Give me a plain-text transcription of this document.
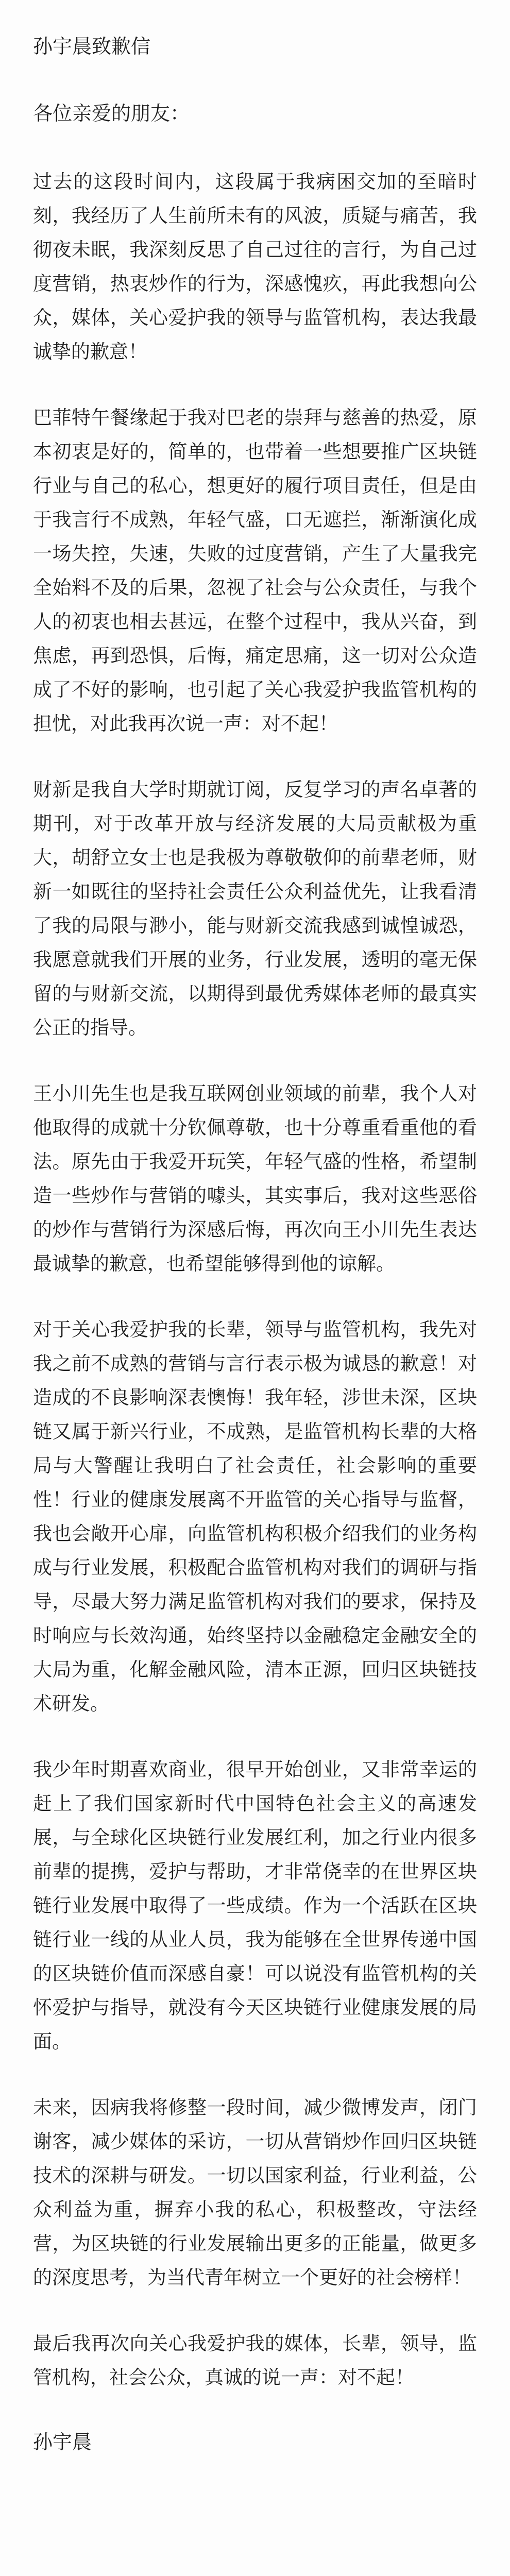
孙宇晨致歉信
各位亲爱的朋友：

过去的这段时间内，这段属于我病困交加的至暗时刻，我经历了人生前所未有的风波，质疑与痛苦，我彻夜未眠，我深刻反思了自己过往的言行，为自己过度营销，热衷炒作的行为，深感愧疚，再此我想向公众，媒体，关心爱护我的领导与监管机构，表达我最诚挚的歉意！

巴菲特午餐缘起于我对巴老的崇拜与慈善的热爱，原本初衷是好的，简单的，也带着一些想要推广区块链行业与自己的私心，想更好的履行项目责任，但是由于我言行不成熟，年轻气盛，口无遮拦，渐渐演化成一场失控，失速，失败的过度营销，产生了大量我完全始料不及的后果，忽视了社会与公众责任，与我个人的初衷也相去甚远，在整个过程中，我从兴奋，到焦虑，再到恐惧，后悔，痛定思痛，这一切对公众造成了不好的影响，也引起了关心我爱护我监管机构的担忧，对此我再次说一声：对不起！

财新是我自大学时期就订阅，反复学习的声名卓著的期刊，对于改革开放与经济发展的大局贡献极为重大，胡舒立女士也是我极为尊敬敬仰的前辈老师，财新一如既往的坚持社会责任公众利益优先，让我看清了我的局限与渺小，能与财新交流我感到诚惶诚恐，我愿意就我们开展的业务，行业发展，透明的毫无保留的与财新交流，以期得到最优秀媒体老师的最真实公正的指导。

王小川先生也是我互联网创业领域的前辈，我个人对他取得的成就十分钦佩尊敬，也十分尊重看重他的看法。原先由于我爱开玩笑，年轻气盛的性格，希望制造一些炒作与营销的噱头，其实事后，我对这些恶俗的炒作与营销行为深感后悔，再次向王小川先生表达最诚挚的歉意，也希望能够得到他的谅解。

对于关心我爱护我的长辈，领导与监管机构，我先对我之前不成熟的营销与言行表示极为诚恳的歉意！对造成的不良影响深表懊悔！我年轻，涉世未深，区块链又属于新兴行业，不成熟，是监管机构长辈的大格局与大警醒让我明白了社会责任，社会影响的重要性！行业的健康发展离不开监管的关心指导与监督，我也会敞开心扉，向监管机构积极介绍我们的业务构成与行业发展，积极配合监管机构对我们的调研与指导，尽最大努力满足监管机构对我们的要求，保持及时响应与长效沟通，始终坚持以金融稳定金融安全的大局为重，化解金融风险，清本正源，回归区块链技术研发。

我少年时期喜欢商业，很早开始创业，又非常幸运的赶上了我们国家新时代中国特色社会主义的高速发展，与全球化区块链行业发展红利，加之行业内很多前辈的提携，爱护与帮助，才非常侥幸的在世界区块链行业发展中取得了一些成绩。作为一个活跃在区块链行业一线的从业人员，我为能够在全世界传递中国的区块链价值而深感自豪！可以说没有监管机构的关怀爱护与指导，就没有今天区块链行业健康发展的局面。

未来，因病我将修整一段时间，减少微博发声，闭门谢客，减少媒体的采访，一切从营销炒作回归区块链技术的深耕与研发。一切以国家利益，行业利益，公众利益为重，摒弃小我的私心，积极整改，守法经营，为区块链的行业发展输出更多的正能量，做更多的深度思考，为当代青年树立一个更好的社会榜样！

最后我再次向关心我爱护我的媒体，长辈，领导，监管机构，社会公众，真诚的说一声：对不起！

孙宇晨
